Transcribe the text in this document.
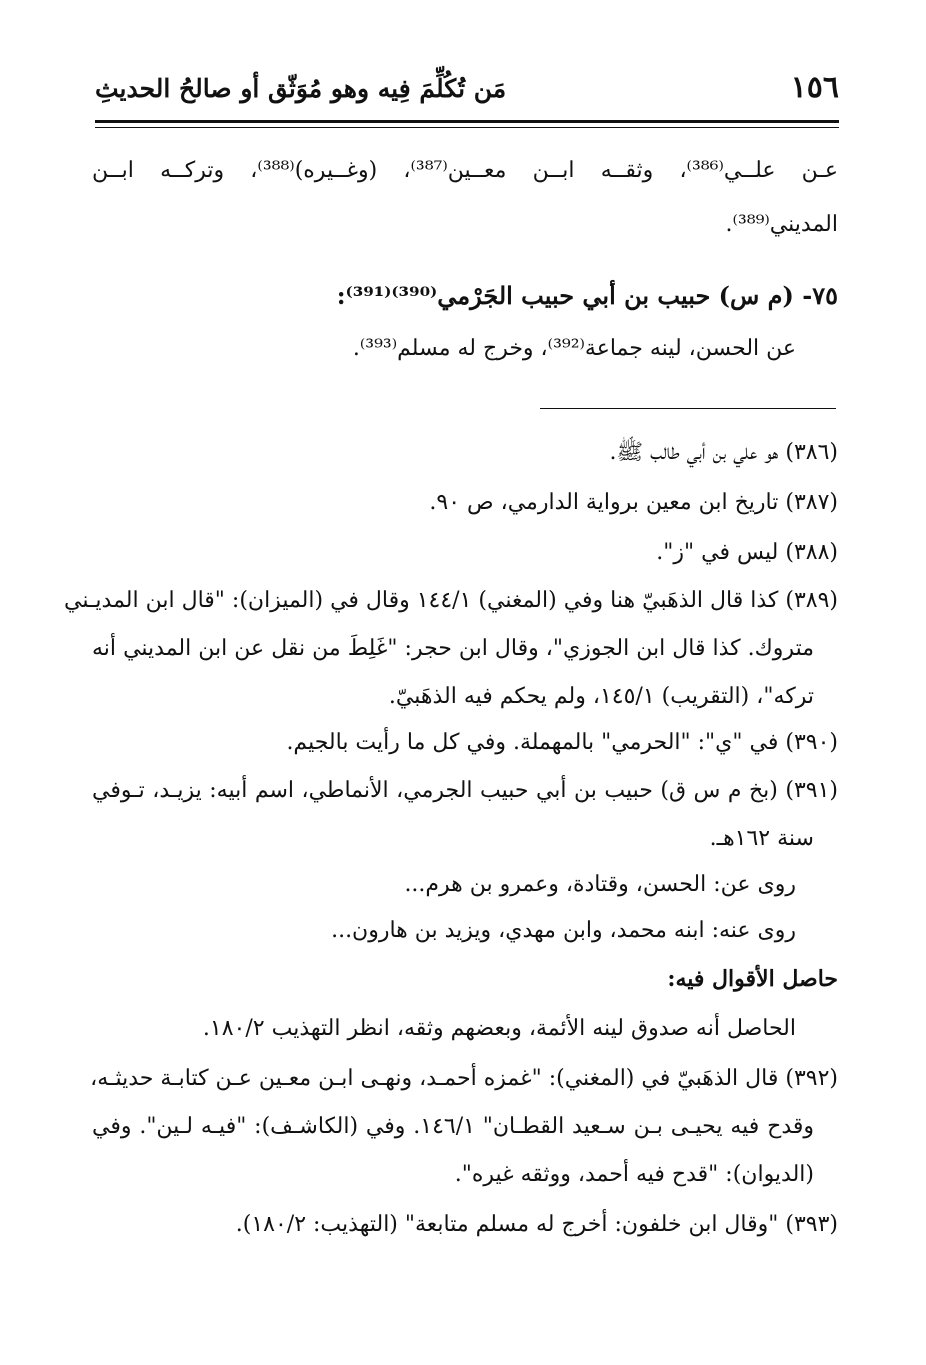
١٥٦
مَن تُكُلِّمَ فِيه وهو مُوَثّق أو صالحُ الحديثِ
عـن علــي⁽³⁸⁶⁾، وثقــه ابــن معــين⁽³⁸⁷⁾، (وغــيره)⁽³⁸⁸⁾، وتركــه ابــن
المديني⁽³⁸⁹⁾.
٧٥- (م س) حبيب بن أبي حبيب الجَرْمي⁽³⁹⁰⁾⁽³⁹¹⁾:
عن الحسن، لينه جماعة⁽³⁹²⁾، وخرج له مسلم⁽³⁹³⁾.
(٣٨٦) هو علي بن أبي طالب ﷺ.
(٣٨٧) تاريخ ابن معين برواية الدارمي، ص ٩٠.
(٣٨٨) ليس في "ز".
(٣٨٩) كذا قال الذهَبيّ هنا وفي (المغني) ١٤٤/١ وقال في (الميزان): "قال ابن المديـني
متروك. كذا قال ابن الجوزي"، وقال ابن حجر: "غَلِطَ من نقل عن ابن المديني أنه
تركه"، (التقريب) ١٤٥/١، ولم يحكم فيه الذهَبيّ.
(٣٩٠) في "ي": "الحرمي" بالمهملة. وفي كل ما رأيت بالجيم.
(٣٩١) (بخ م س ق) حبيب بن أبي حبيب الجرمي، الأنماطي، اسم أبيه: يزيـد، تـوفي
سنة ١٦٢هـ.
روى عن: الحسن، وقتادة، وعمرو بن هرم...
روى عنه: ابنه محمد، وابن مهدي، ويزيد بن هارون...
حاصل الأقوال فيه:
الحاصل أنه صدوق لينه الأئمة، وبعضهم وثقه، انظر التهذيب ١٨٠/٢.
(٣٩٢) قال الذهَبيّ في (المغني): "غمزه أحمـد، ونهـى ابـن معـين عـن كتابـة حديثـه،
وقدح فيه يحيـى بـن سـعيد القطـان" ١٤٦/١. وفي (الكاشـف): "فيـه لـين". وفي
(الديوان): "قدح فيه أحمد، ووثقه غيره".
(٣٩٣) "وقال ابن خلفون: أخرج له مسلم متابعة" (التهذيب: ١٨٠/٢).
